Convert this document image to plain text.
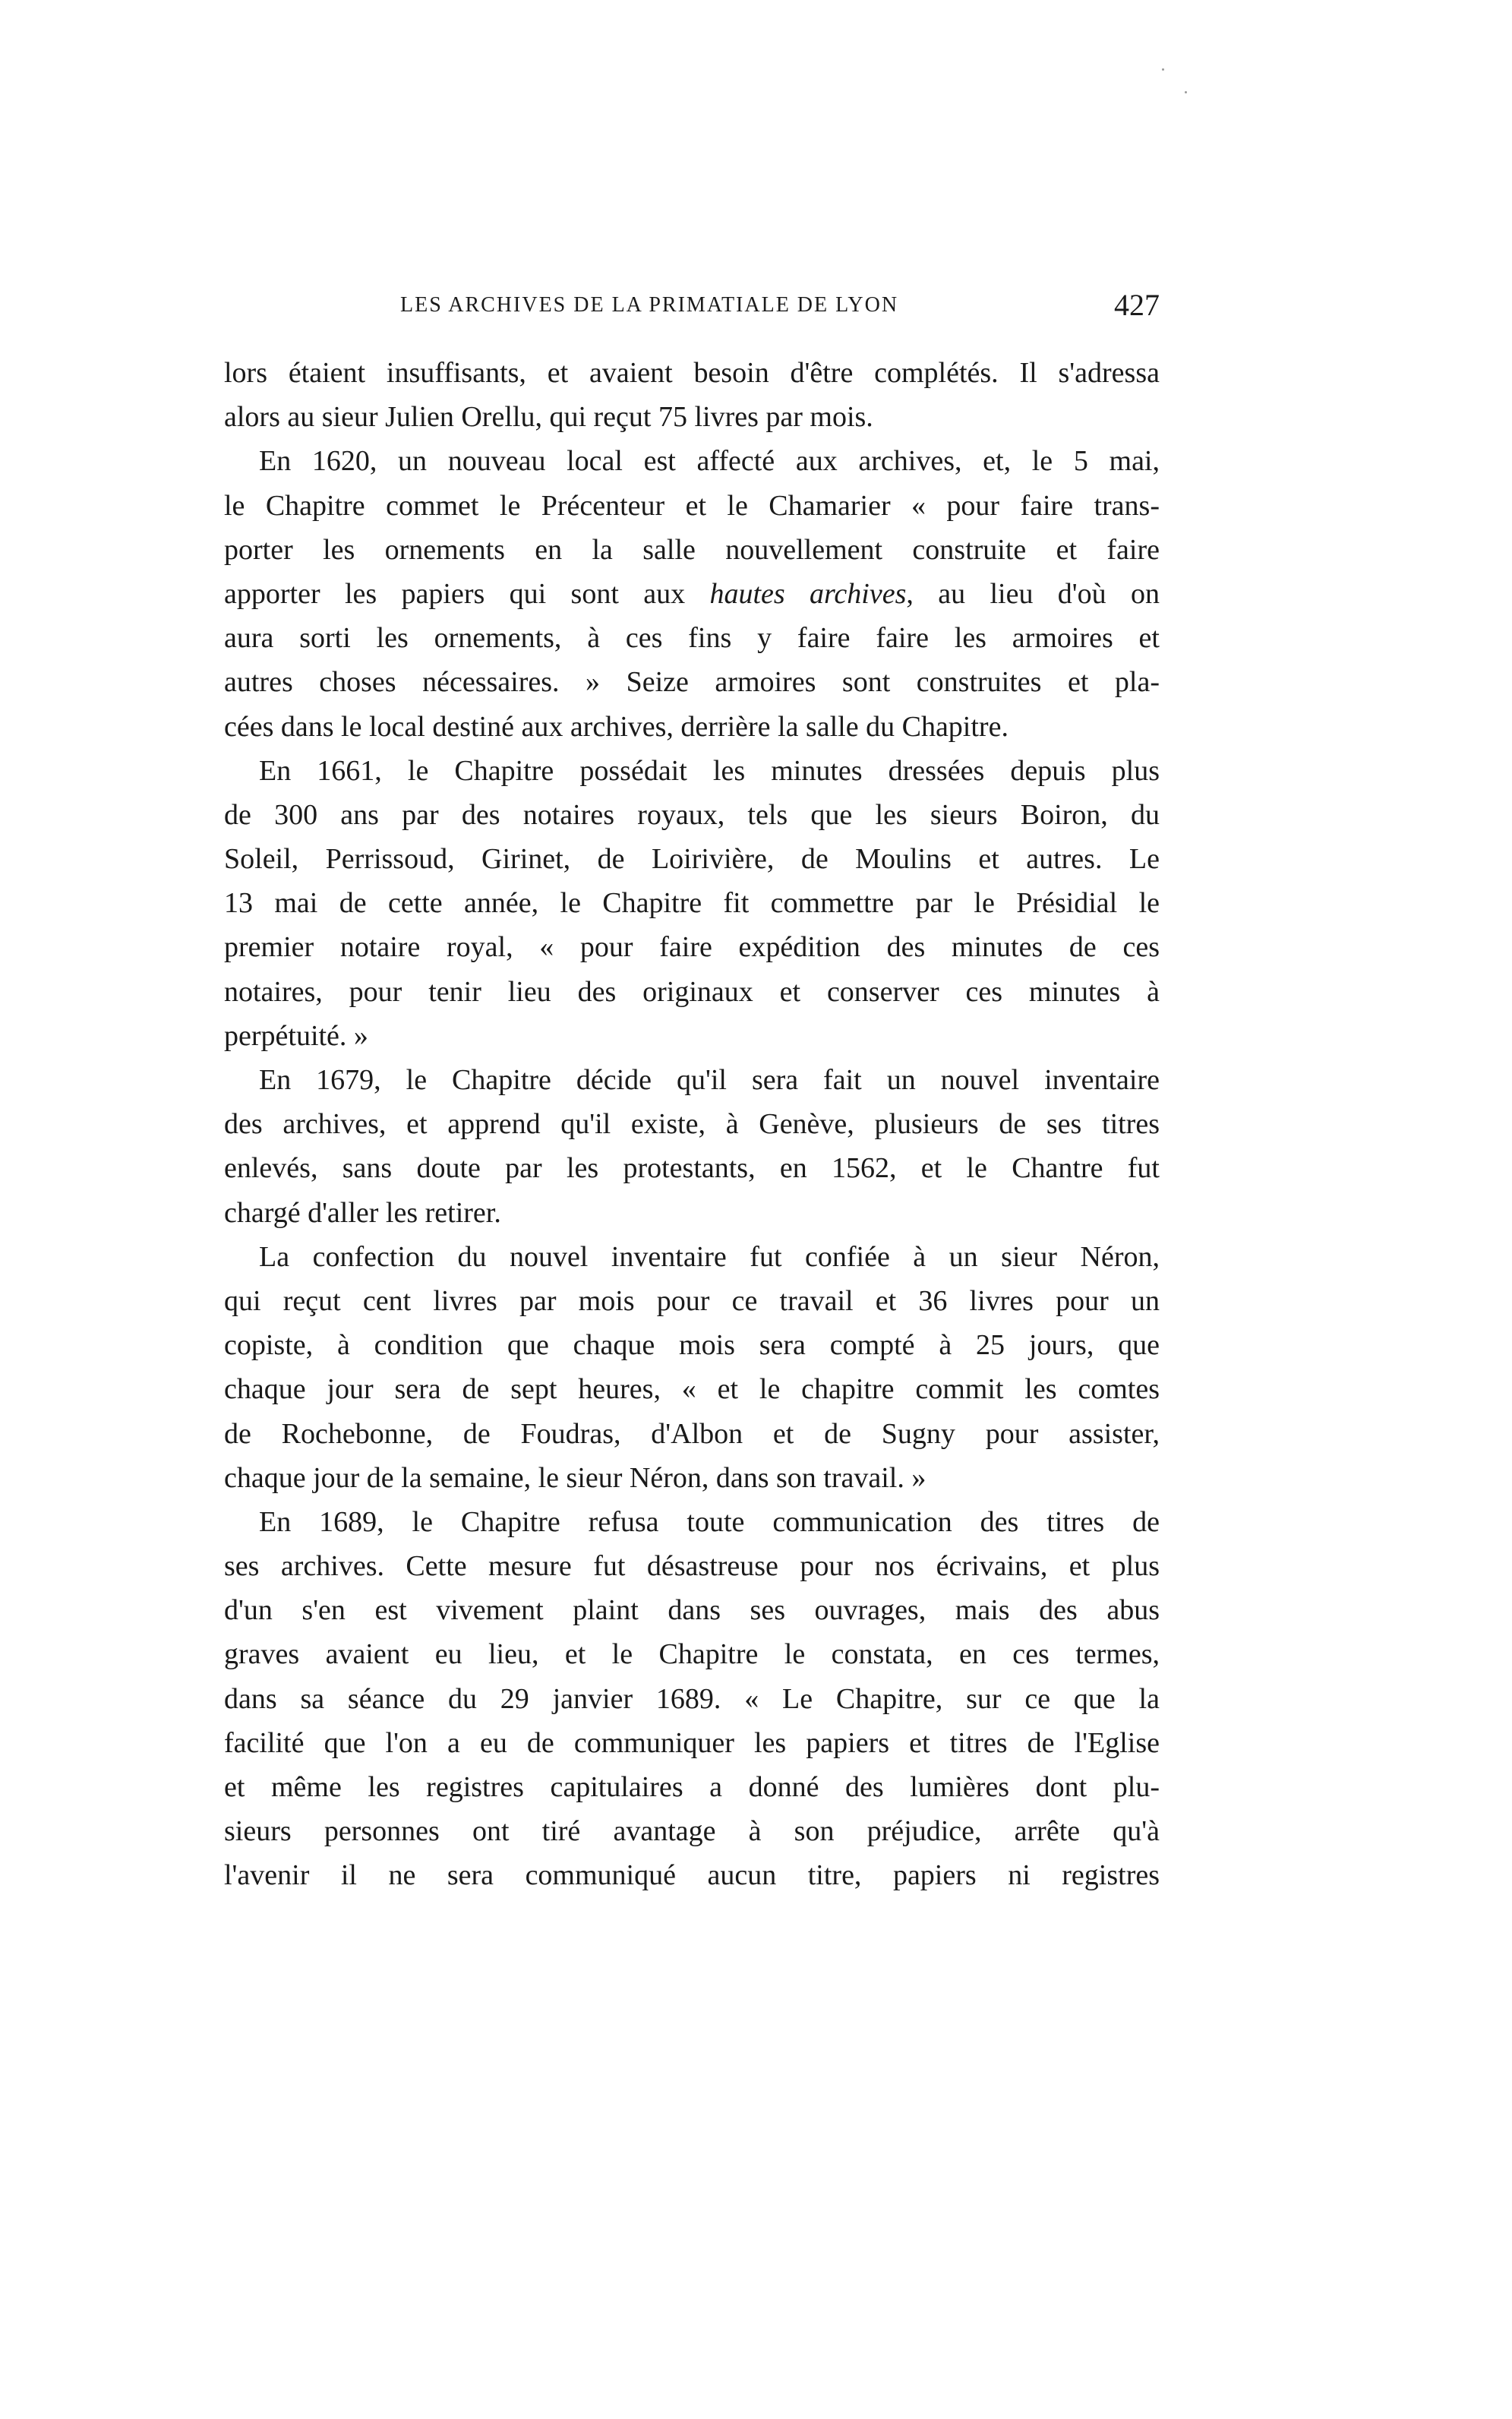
LES ARCHIVES DE LA PRIMATIALE DE LYON	427
lors étaient insuffisants, et avaient besoin d'être complétés. Il s'adressa
alors au sieur Julien Orellu, qui reçut 75 livres par mois.
En 1620, un nouveau local est affecté aux archives, et, le 5 mai,
le Chapitre commet le Précenteur et le Chamarier « pour faire trans-
porter les ornements en la salle nouvellement construite et faire
apporter les papiers qui sont aux hautes archives, au lieu d'où on
aura sorti les ornements, à ces fins y faire faire les armoires et
autres choses nécessaires. » Seize armoires sont construites et pla-
cées dans le local destiné aux archives, derrière la salle du Chapitre.
En 1661, le Chapitre possédait les minutes dressées depuis plus
de 300 ans par des notaires royaux, tels que les sieurs Boiron, du
Soleil, Perrissoud, Girinet, de Loirivière, de Moulins et autres. Le
13 mai de cette année, le Chapitre fit commettre par le Présidial le
premier notaire royal, « pour faire expédition des minutes de ces
notaires, pour tenir lieu des originaux et conserver ces minutes à
perpétuité. »
En 1679, le Chapitre décide qu'il sera fait un nouvel inventaire
des archives, et apprend qu'il existe, à Genève, plusieurs de ses titres
enlevés, sans doute par les protestants, en 1562, et le Chantre fut
chargé d'aller les retirer.
La confection du nouvel inventaire fut confiée à un sieur Néron,
qui reçut cent livres par mois pour ce travail et 36 livres pour un
copiste, à condition que chaque mois sera compté à 25 jours, que
chaque jour sera de sept heures, « et le chapitre commit les comtes
de Rochebonne, de Foudras, d'Albon et de Sugny pour assister,
chaque jour de la semaine, le sieur Néron, dans son travail. »
En 1689, le Chapitre refusa toute communication des titres de
ses archives. Cette mesure fut désastreuse pour nos écrivains, et plus
d'un s'en est vivement plaint dans ses ouvrages, mais des abus
graves avaient eu lieu, et le Chapitre le constata, en ces termes,
dans sa séance du 29 janvier 1689. « Le Chapitre, sur ce que la
facilité que l'on a eu de communiquer les papiers et titres de l'Eglise
et même les registres capitulaires a donné des lumières dont plu-
sieurs personnes ont tiré avantage à son préjudice, arrête qu'à
l'avenir il ne sera communiqué aucun titre, papiers ni registres
